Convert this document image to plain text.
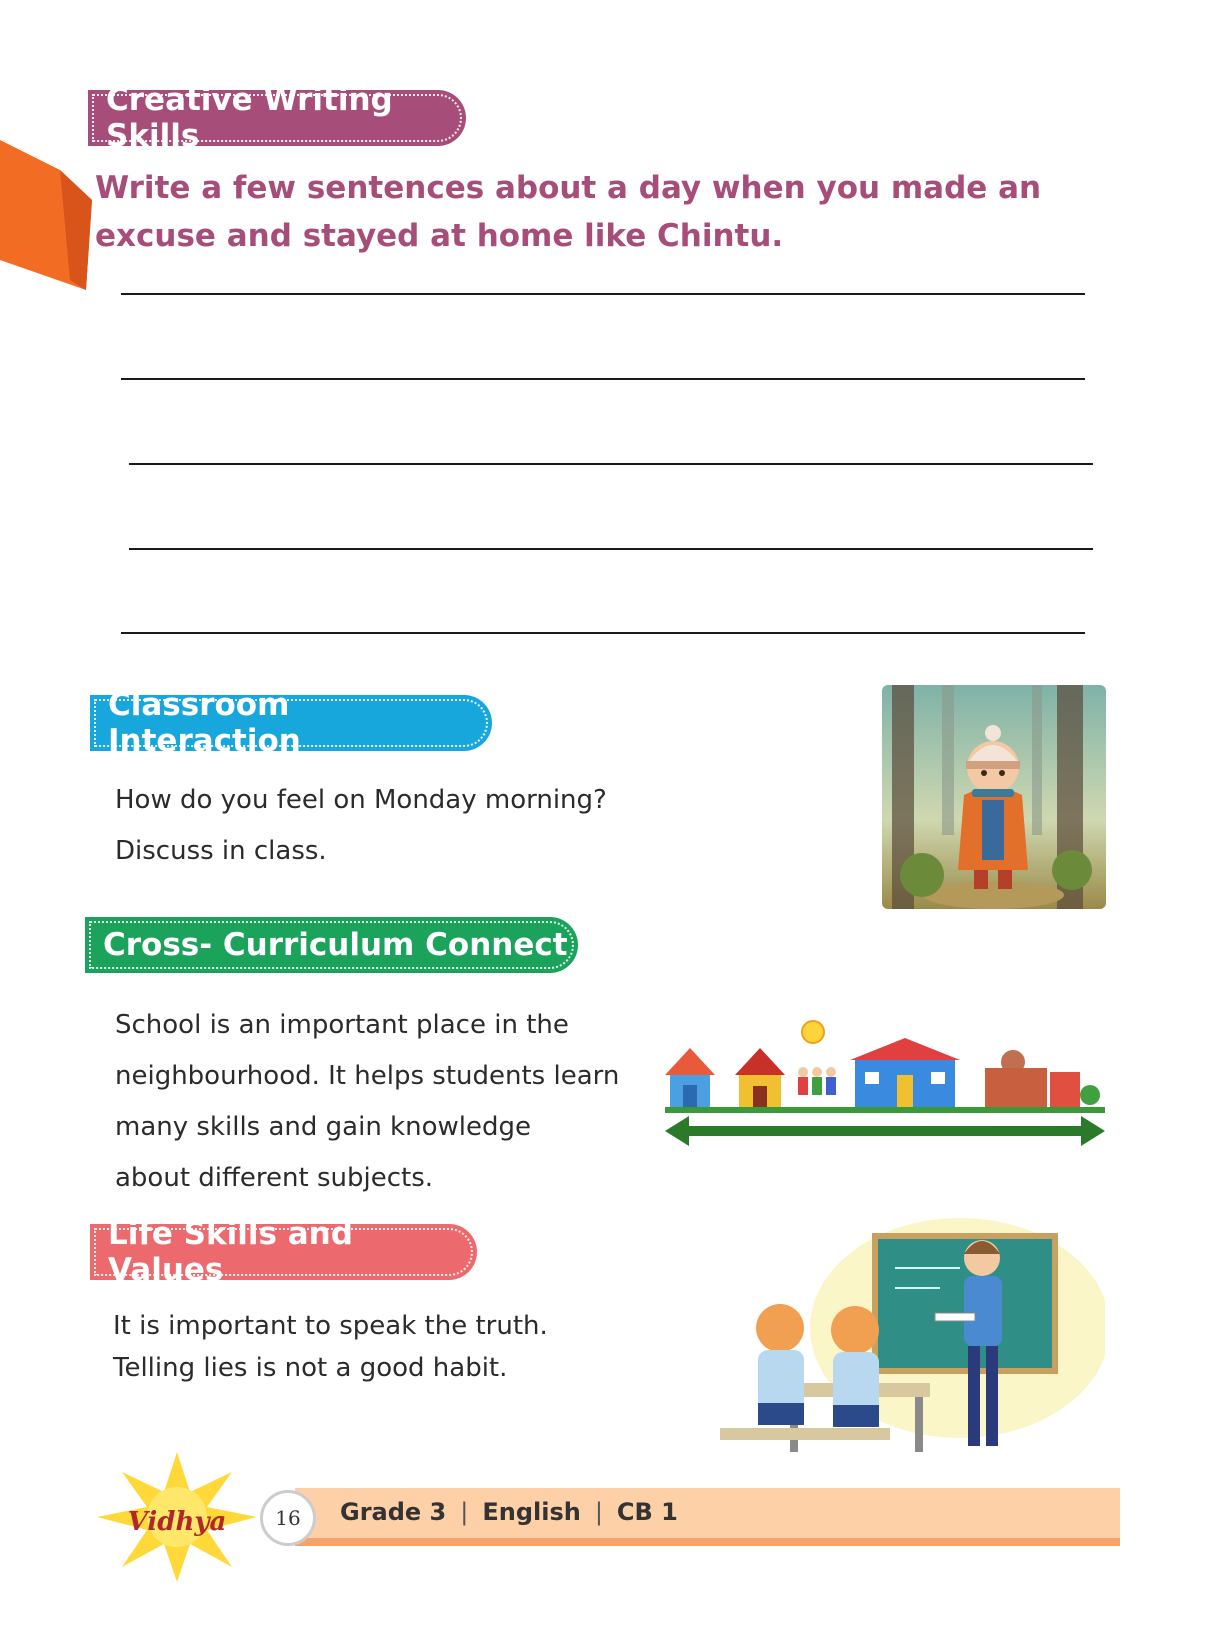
Creative Writing Skills
Write a few sentences about a day when you made an excuse and stayed at home like Chintu.
Classroom Interaction
How do you feel on Monday morning?
Discuss in class.
Cross- Curriculum Connect
School is an important place in the
neighbourhood. It helps students learn
many skills and gain knowledge
about different subjects.
Life Skills and Values
It is important to speak the truth.
Telling lies is not a good habit.
Vidhya	16	Grade 3 | English | CB 1
